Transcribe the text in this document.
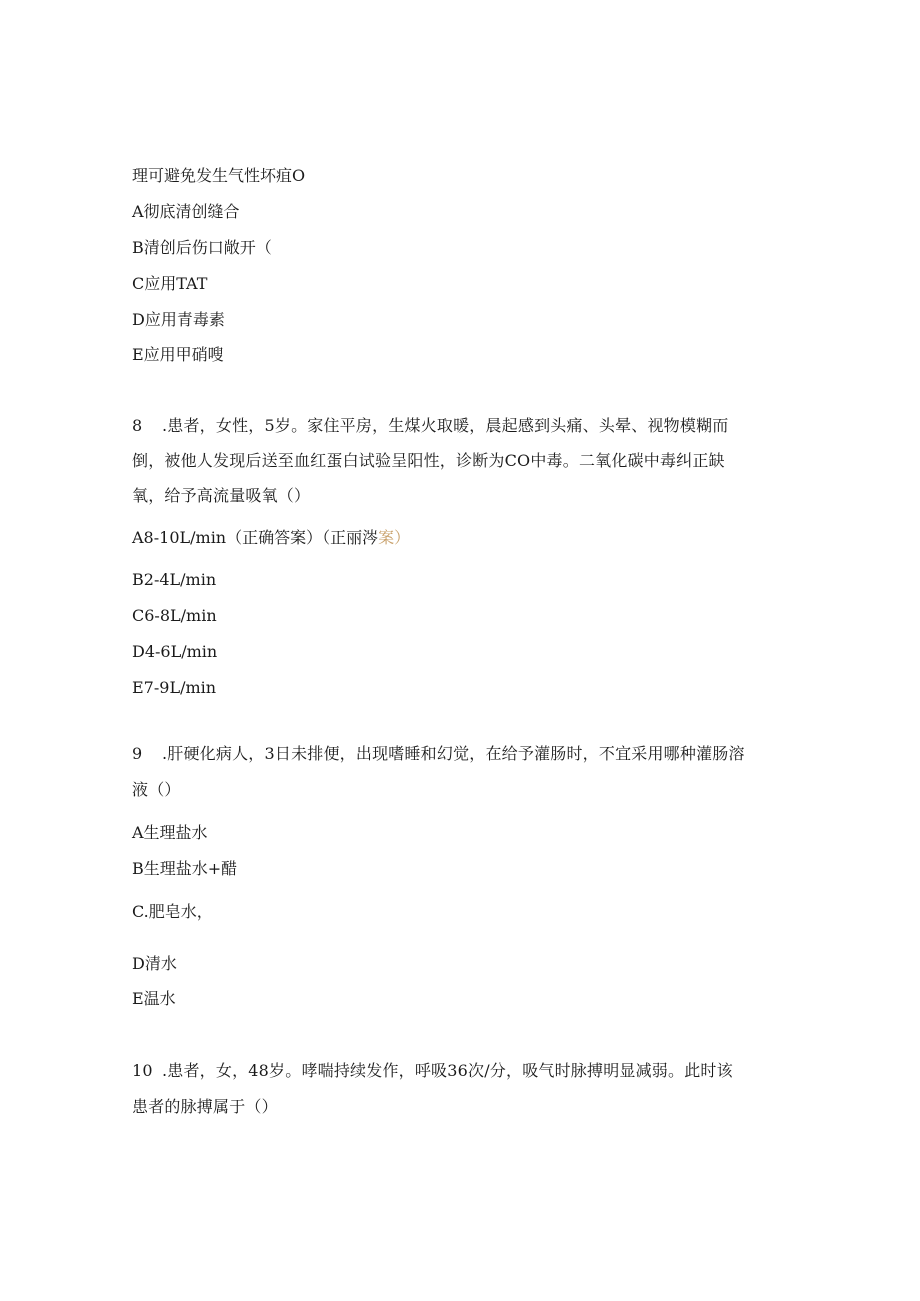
理可避免发生气性坏疽O
A彻底清创缝合
B清创后伤口敞开（
C应用TAT
D应用青毒素
E应用甲硝嗖
8 .患者，女性，5岁。家住平房，生煤火取暖，晨起感到头痛、头晕、视物模糊而
倒，被他人发现后送至血红蛋白试验呈阳性，诊断为CO中毒。二氧化碳中毒纠正缺
氧，给予高流量吸氧（）
A8-10L∕min（正确答案）（正丽涔案）
B2-4L∕min
C6-8L∕min
D4-6L∕min
E7-9L∕min
9 .肝硬化病人，3日未排便，出现嗜睡和幻觉，在给予灌肠时，不宜采用哪种灌肠溶
液（）
A生理盐水
B生理盐水+醋
C.肥皂水，
D清水
E温水
10 .患者，女，48岁。哮喘持续发作，呼吸36次/分，吸气时脉搏明显减弱。此时该
患者的脉搏属于（）
